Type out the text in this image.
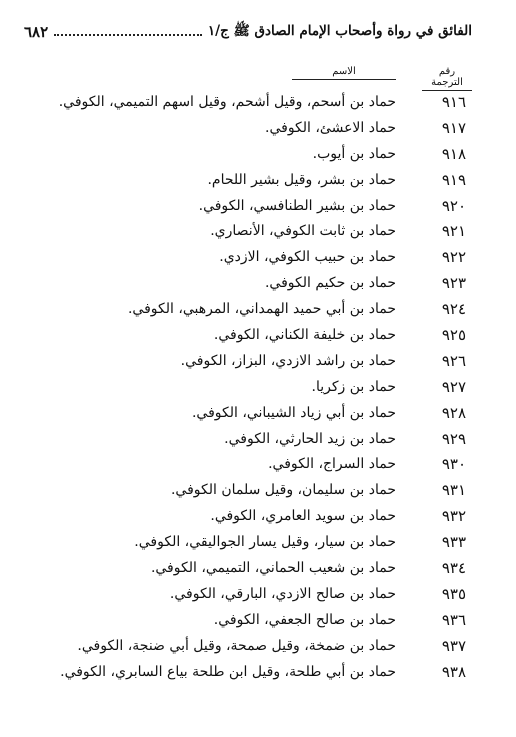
الفائق في رواة وأصحاب الإمام الصادق ﷺ ج/١
٦٨٢
رقم الترجمة
الاسم
٩١٦
حماد بن أسحم، وقيل أشحم، وقيل اسهم التميمي، الكوفي.
٩١٧
حماد الاعشئ، الكوفي.
٩١٨
حماد بن أيوب.
٩١٩
حماد بن بشر، وقيل بشير اللحام.
٩٢٠
حماد بن بشير الطنافسي، الكوفي.
٩٢١
حماد بن ثابت الكوفي، الأنصاري.
٩٢٢
حماد بن حبيب الكوفي، الازدي.
٩٢٣
حماد بن حكيم الكوفي.
٩٢٤
حماد بن أبي حميد الهمداني، المرهبي، الكوفي.
٩٢٥
حماد بن خليفة الكناني، الكوفي.
٩٢٦
حماد بن راشد الازدي، البزاز، الكوفي.
٩٢٧
حماد بن زكريا.
٩٢٨
حماد بن أبي زياد الشيباني، الكوفي.
٩٢٩
حماد بن زيد الحارثي، الكوفي.
٩٣٠
حماد السراج، الكوفي.
٩٣١
حماد بن سليمان، وقيل سلمان الكوفي.
٩٣٢
حماد بن سويد العامري، الكوفي.
٩٣٣
حماد بن سيار، وقيل يسار الجواليقي، الكوفي.
٩٣٤
حماد بن شعيب الحماني، التميمي، الكوفي.
٩٣٥
حماد بن صالح الازدي، البارقي، الكوفي.
٩٣٦
حماد بن صالح الجعفي، الكوفي.
٩٣٧
حماد بن ضمخة، وقيل صمحة، وقيل أبي ضنجة، الكوفي.
٩٣٨
حماد بن أبي طلحة، وقيل ابن طلحة بياع السابري، الكوفي.
